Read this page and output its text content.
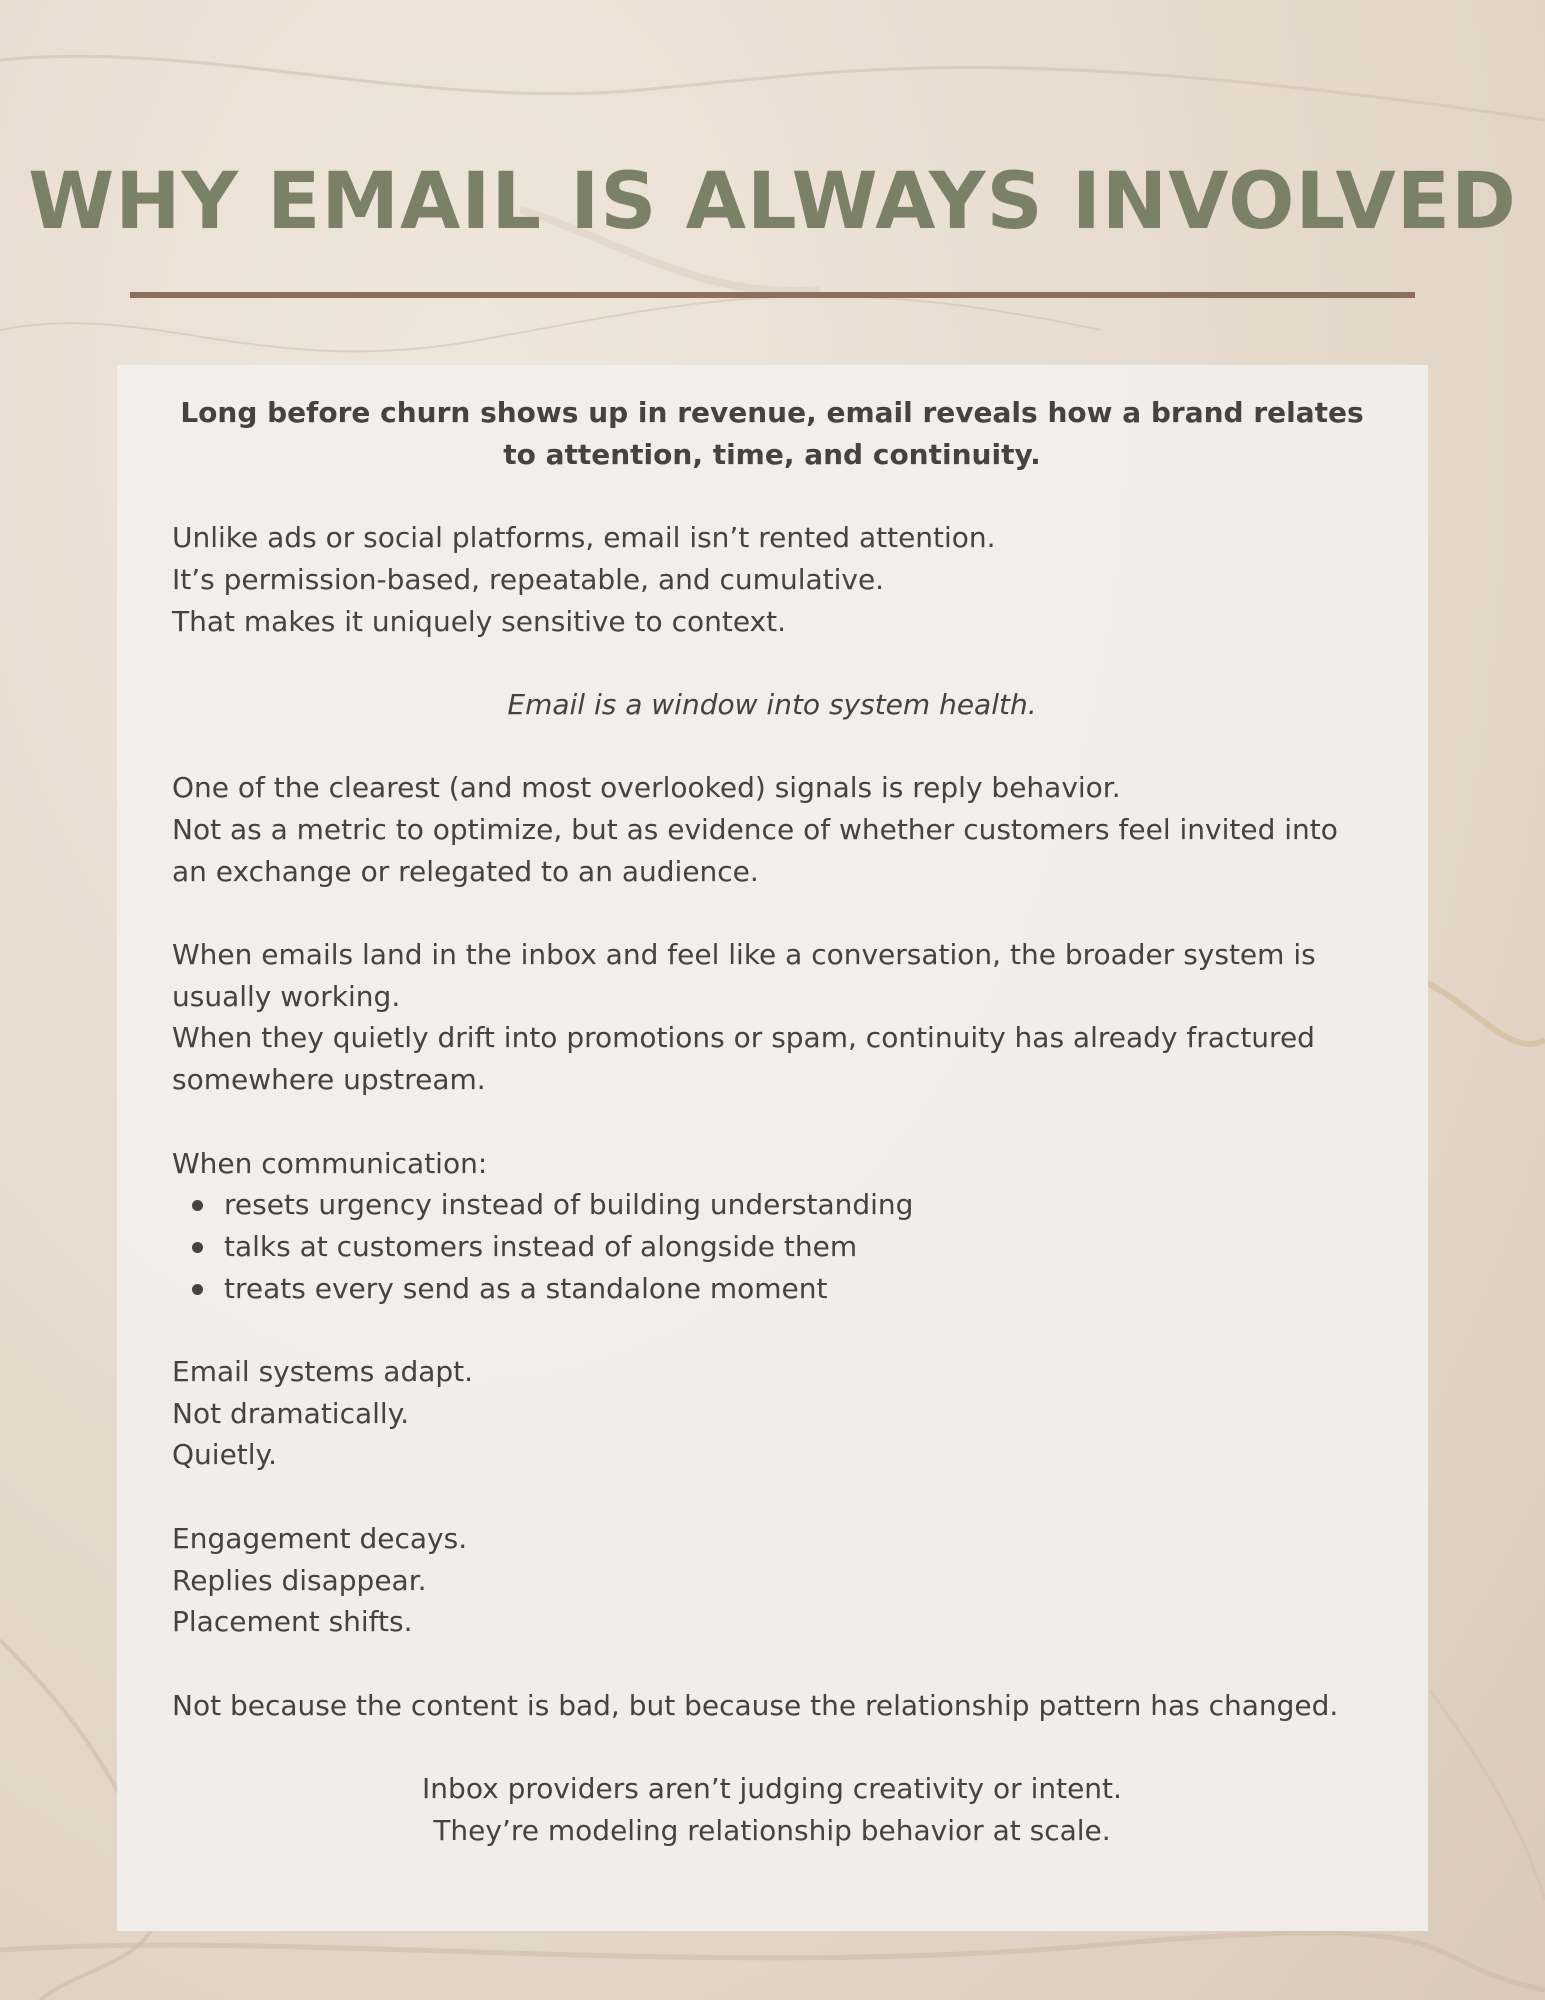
WHY EMAIL IS ALWAYS INVOLVED

Long before churn shows up in revenue, email reveals how a brand relates to attention, time, and continuity.

Unlike ads or social platforms, email isn’t rented attention.

It’s permission-based, repeatable, and cumulative.

That makes it uniquely sensitive to context.

Email is a window into system health.

One of the clearest (and most overlooked) signals is reply behavior.

Not as a metric to optimize, but as evidence of whether customers feel invited into an exchange or relegated to an audience.

When emails land in the inbox and feel like a conversation, the broader system is usually working.

When they quietly drift into promotions or spam, continuity has already fractured somewhere upstream.

When communication:

resets urgency instead of building understanding
talks at customers instead of alongside them
treats every send as a standalone moment

Email systems adapt.

Not dramatically.

Quietly.

Engagement decays.

Replies disappear.

Placement shifts.

Not because the content is bad, but because the relationship pattern has changed.

Inbox providers aren’t judging creativity or intent.

They’re modeling relationship behavior at scale.
